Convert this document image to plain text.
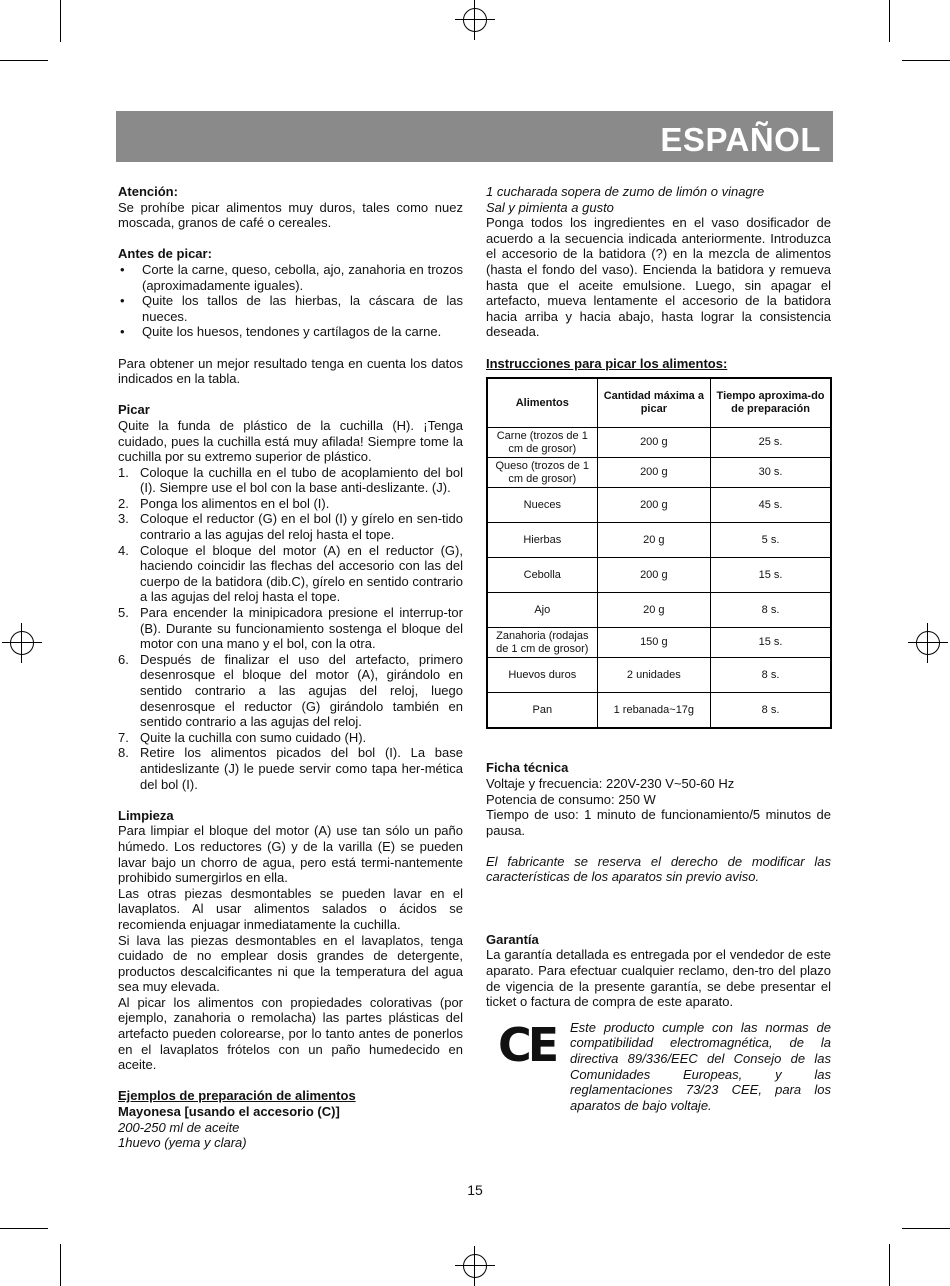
ESPAÑOL

Atención:

Se prohíbe picar alimentos muy duros, tales como nuez moscada, granos de café o cereales.

Antes de picar:

•	Corte la carne, queso, cebolla, ajo, zanahoria en trozos (aproximadamente iguales).
•	Quite los tallos de las hierbas, la cáscara de las nueces.
•	Quite los huesos, tendones y cartílagos de la carne.

Para obtener un mejor resultado tenga en cuenta los datos indicados en la tabla.

Picar

Quite la funda de plástico de la cuchilla (H). ¡Tenga cuidado, pues la cuchilla está muy afilada! Siempre tome la cuchilla por su extremo superior de plástico.

1. Coloque la cuchilla en el tubo de acoplamiento del bol (I). Siempre use el bol con la base anti-deslizante. (J).
2. Ponga los alimentos en el bol (I).
3. Coloque el reductor (G) en el bol (I) y gírelo en sen-tido contrario a las agujas del reloj hasta el tope.
4. Coloque el bloque del motor (A) en el reductor (G), haciendo coincidir las flechas del accesorio con las del cuerpo de la batidora (dib.C), gírelo en sentido contrario a las agujas del reloj hasta el tope.
5. Para encender la minipicadora presione el interrup-tor (B). Durante su funcionamiento sostenga el bloque del motor con una mano y el bol, con la otra.
6. Después de finalizar el uso del artefacto, primero desenrosque el bloque del motor (A), girándolo en sentido contrario a las agujas del reloj, luego desenrosque el reductor (G) girándolo también en sentido contrario a las agujas del reloj.
7. Quite la cuchilla con sumo cuidado (H).
8. Retire los alimentos picados del bol (I). La base antideslizante (J) le puede servir como tapa her-mética del bol (I).

Limpieza

Para limpiar el bloque del motor (A) use tan sólo un paño húmedo. Los reductores (G) y de la varilla (E) se pueden lavar bajo un chorro de agua, pero está termi-nantemente prohibido sumergirlos en ella.

Las otras piezas desmontables se pueden lavar en el lavaplatos. Al usar alimentos salados o ácidos se recomienda enjuagar inmediatamente la cuchilla.

Si lava las piezas desmontables en el lavaplatos, tenga cuidado de no emplear dosis grandes de detergente, productos descalcificantes ni que la temperatura del agua sea muy elevada.

Al picar los alimentos con propiedades colorativas (por ejemplo, zanahoria o remolacha) las partes plásticas del artefacto pueden colorearse, por lo tanto antes de ponerlos en el lavaplatos frótelos con un paño humedecido en aceite.

Ejemplos de preparación de alimentos

Mayonesa [usando el accesorio (C)]

200-250 ml de aceite

1huevo (yema y clara)

1 cucharada sopera de zumo de limón o vinagre

Sal y pimienta a gusto

Ponga todos los ingredientes en el vaso dosificador de acuerdo a la secuencia indicada anteriormente. Introduzca el accesorio de la batidora (?) en la mezcla de alimentos (hasta el fondo del vaso). Encienda la batidora y remueva hasta que el aceite emulsione. Luego, sin apagar el artefacto, mueva lentamente el accesorio de la batidora hacia arriba y hacia abajo, hasta lograr la consistencia deseada.

Instrucciones para picar los alimentos:

Alimentos	Cantidad máxima a picar	Tiempo aproxima-do de preparación
Carne (trozos de 1 cm de grosor)	200 g	25 s.
Queso (trozos de 1 cm de grosor)	200 g	30 s.
Nueces	200 g	45 s.
Hierbas	20 g	5 s.
Cebolla	200 g	15 s.
Ajo	20 g	8 s.
Zanahoria (rodajas de 1 cm de grosor)	150 g	15 s.
Huevos duros	2 unidades	8 s.
Pan	1 rebanada~17g	8 s.

Ficha técnica

Voltaje y frecuencia: 220V-230 V~50-60 Hz

Potencia de consumo: 250 W

Tiempo de uso: 1 minuto de funcionamiento/5 minutos de pausa.

El fabricante se reserva el derecho de modificar las características de los aparatos sin previo aviso.

Garantía

La garantía detallada es entregada por el vendedor de este aparato. Para efectuar cualquier reclamo, den-tro del plazo de vigencia de la presente garantía, se debe presentar el ticket o factura de compra de este aparato.

CE Este producto cumple con las normas de compatibilidad electromagnética, de la directiva 89/336/EEC del Consejo de las Comunidades Europeas, y las reglamentaciones 73/23 CEE, para los aparatos de bajo voltaje.

15
